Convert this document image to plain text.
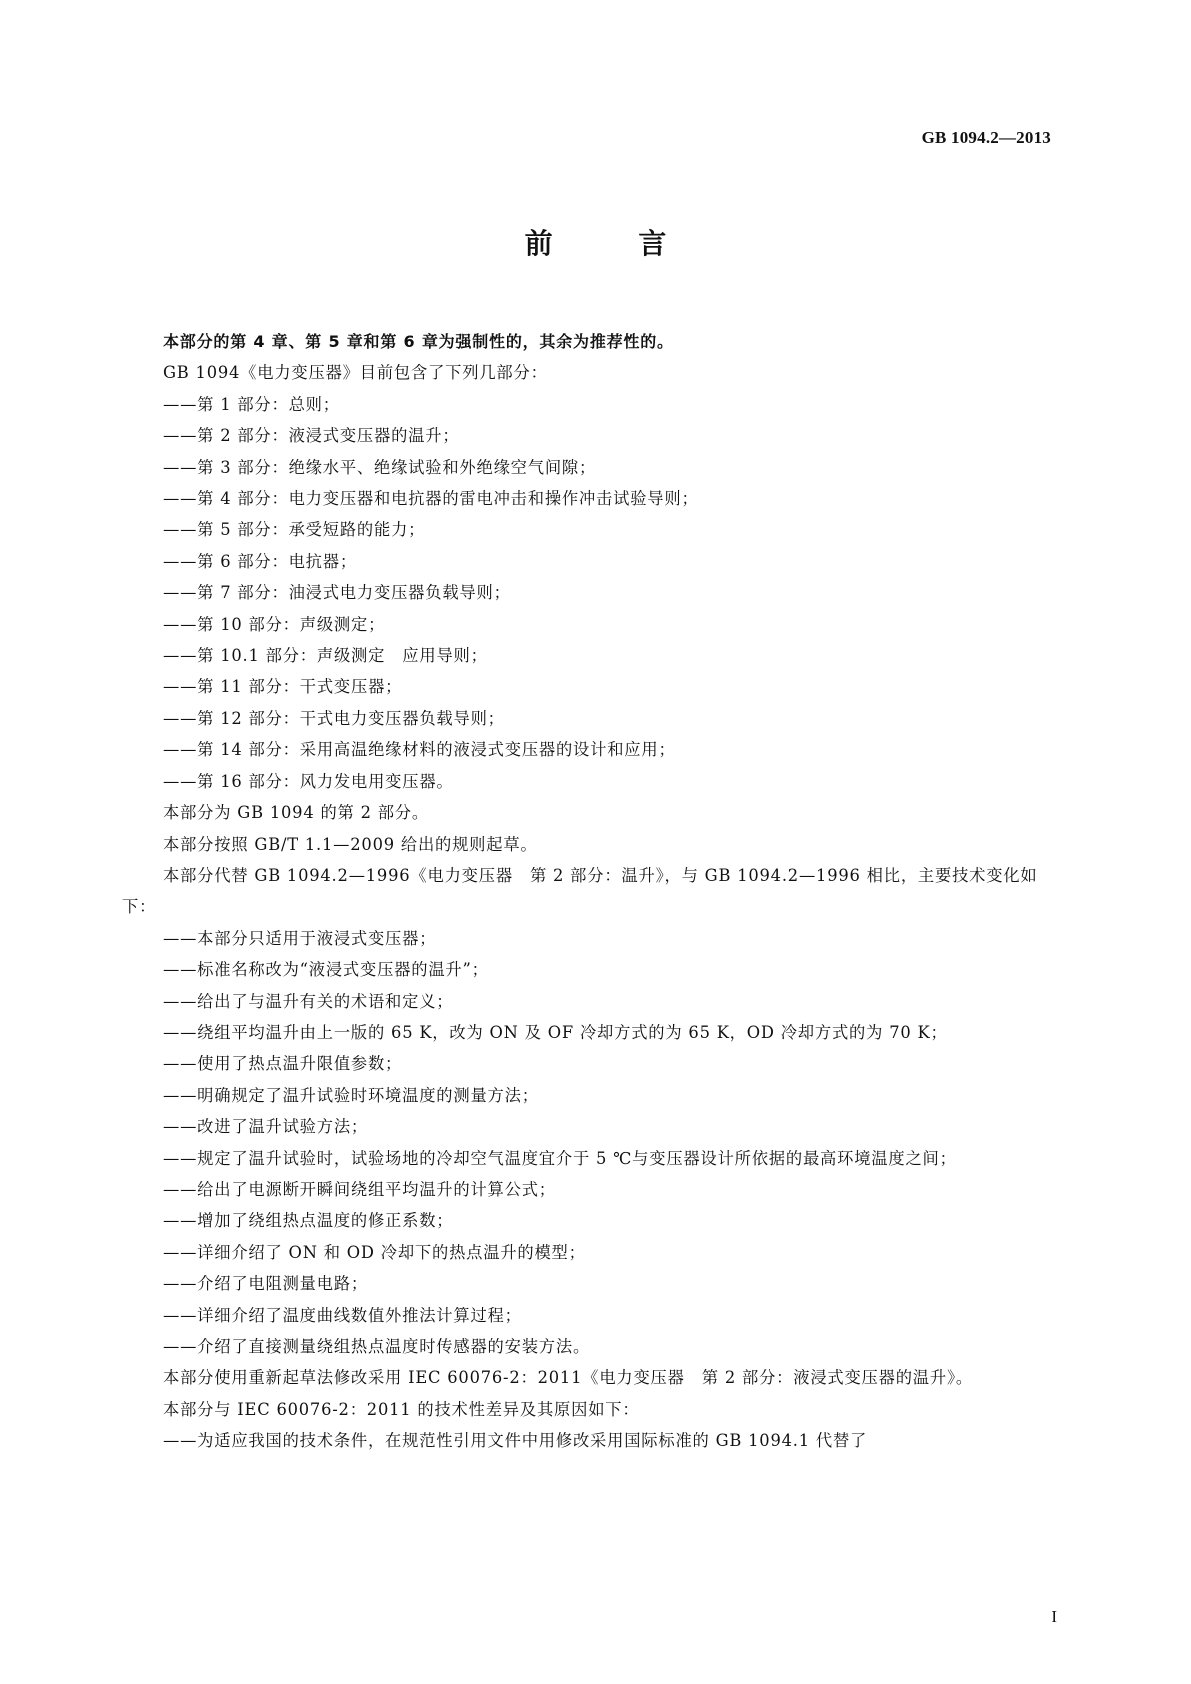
GB 1094.2—2013
前 言

本部分的第 4 章、第 5 章和第 6 章为强制性的，其余为推荐性的。

GB 1094《电力变压器》目前包含了下列几部分：

——第 1 部分：总则；

——第 2 部分：液浸式变压器的温升；

——第 3 部分：绝缘水平、绝缘试验和外绝缘空气间隙；

——第 4 部分：电力变压器和电抗器的雷电冲击和操作冲击试验导则；

——第 5 部分：承受短路的能力；

——第 6 部分：电抗器；

——第 7 部分：油浸式电力变压器负载导则；

——第 10 部分：声级测定；

——第 10.1 部分：声级测定　应用导则；

——第 11 部分：干式变压器；

——第 12 部分：干式电力变压器负载导则；

——第 14 部分：采用高温绝缘材料的液浸式变压器的设计和应用；

——第 16 部分：风力发电用变压器。

本部分为 GB 1094 的第 2 部分。

本部分按照 GB/T 1.1—2009 给出的规则起草。

本部分代替 GB 1094.2—1996《电力变压器　第 2 部分：温升》，与 GB 1094.2—1996 相比，主要技术变化如下：

——本部分只适用于液浸式变压器；

——标准名称改为“液浸式变压器的温升”；

——给出了与温升有关的术语和定义；

——绕组平均温升由上一版的 65 K，改为 ON 及 OF 冷却方式的为 65 K，OD 冷却方式的为 70 K；

——使用了热点温升限值参数；

——明确规定了温升试验时环境温度的测量方法；

——改进了温升试验方法；

——规定了温升试验时，试验场地的冷却空气温度宜介于 5 ℃与变压器设计所依据的最高环境温度之间；

——给出了电源断开瞬间绕组平均温升的计算公式；

——增加了绕组热点温度的修正系数；

——详细介绍了 ON 和 OD 冷却下的热点温升的模型；

——介绍了电阻测量电路；

——详细介绍了温度曲线数值外推法计算过程；

——介绍了直接测量绕组热点温度时传感器的安装方法。

本部分使用重新起草法修改采用 IEC 60076-2：2011《电力变压器　第 2 部分：液浸式变压器的温升》。

本部分与 IEC 60076-2：2011 的技术性差异及其原因如下：

——为适应我国的技术条件，在规范性引用文件中用修改采用国际标准的 GB 1094.1 代替了

I
